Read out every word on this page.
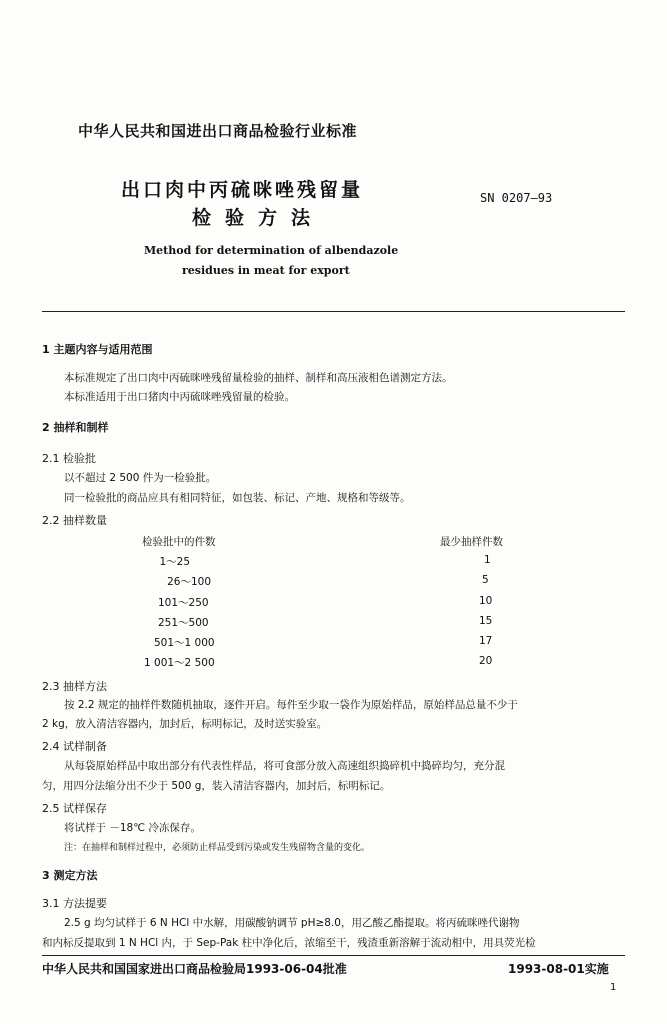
中华人民共和国进出口商品检验行业标准
出口肉中丙硫咪唑残留量
检验方法
SN 0207—93
Method for determination of albendazole
residues in meat for export
1 主题内容与适用范围
本标准规定了出口肉中丙硫咪唑残留量检验的抽样、制样和高压液相色谱测定方法。
本标准适用于出口猪肉中丙硫咪唑残留量的检验。
2 抽样和制样
2.1 检验批
以不超过 2 500 件为一检验批。
同一检验批的商品应具有相同特征，如包装、标记、产地、规格和等级等。
2.2 抽样数量
检验批中的件数	最少抽样件数
1～25	1
26～100	5
101～250	10
251～500	15
501～1 000	17
1 001～2 500	20
2.3 抽样方法
按 2.2 规定的抽样件数随机抽取，逐件开启。每件至少取一袋作为原始样品，原始样品总量不少于
2 kg，放入清洁容器内，加封后，标明标记，及时送实验室。
2.4 试样制备
从每袋原始样品中取出部分有代表性样品，将可食部分放入高速组织捣碎机中捣碎均匀，充分混
匀，用四分法缩分出不少于 500 g，装入清洁容器内，加封后，标明标记。
2.5 试样保存
将试样于 －18℃ 冷冻保存。
注：在抽样和制样过程中，必须防止样品受到污染或发生残留物含量的变化。
3 测定方法
3.1 方法提要
2.5 g 均匀试样于 6 N HCl 中水解，用碳酸钠调节 pH≥8.0，用乙酸乙酯提取。将丙硫咪唑代谢物
和内标反提取到 1 N HCl 内，于 Sep-Pak 柱中净化后，浓缩至干，残渣重新溶解于流动相中，用具荧光检
中华人民共和国国家进出口商品检验局1993-06-04批准	1993-08-01实施
1
